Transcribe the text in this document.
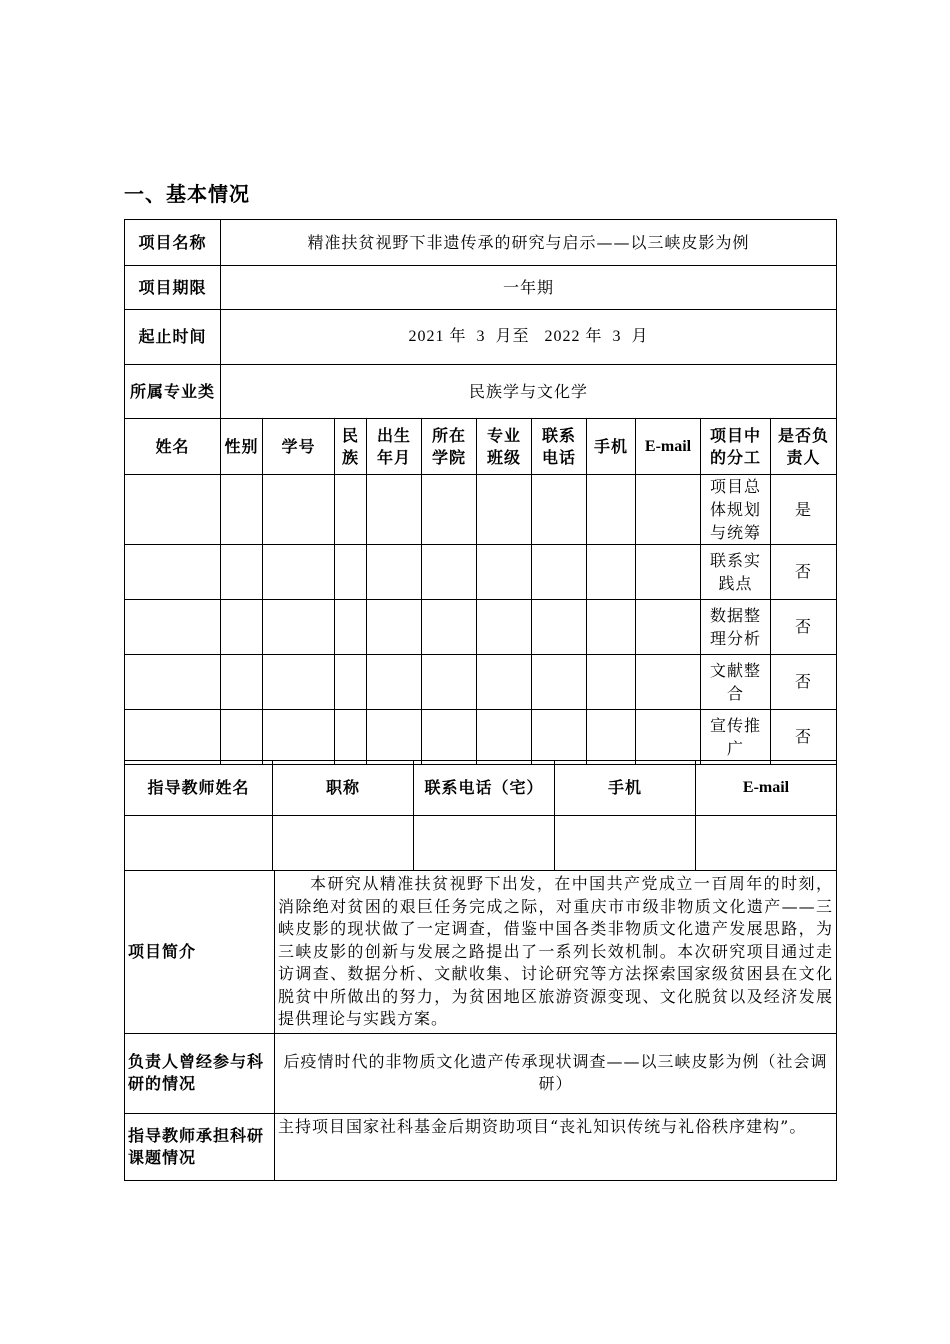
一、基本情况
项目名称	精准扶贫视野下非遗传承的研究与启示——以三峡皮影为例
项目期限	一年期
起止时间	2021 年  3  月至   2022 年  3  月
所属专业类	民族学与文化学
姓名	性别	学号	民族	出生年月	所在学院	专业班级	联系电话	手机	E-mail	项目中的分工	是否负责人
										项目总体规划与统筹	是
										联系实践点	否
										数据整理分析	否
										文献整合	否
										宣传推广	否
指导教师姓名	职称	联系电话（宅）	手机	E-mail

项目简介	本研究从精准扶贫视野下出发，在中国共产党成立一百周年的时刻，消除绝对贫困的艰巨任务完成之际，对重庆市市级非物质文化遗产——三峡皮影的现状做了一定调查，借鉴中国各类非物质文化遗产发展思路，为三峡皮影的创新与发展之路提出了一系列长效机制。本次研究项目通过走访调查、数据分析、文献收集、讨论研究等方法探索国家级贫困县在文化脱贫中所做出的努力，为贫困地区旅游资源变现、文化脱贫以及经济发展提供理论与实践方案。
负责人曾经参与科研的情况	后疫情时代的非物质文化遗产传承现状调查——以三峡皮影为例（社会调研）
指导教师承担科研课题情况	主持项目国家社科基金后期资助项目“丧礼知识传统与礼俗秩序建构”。
